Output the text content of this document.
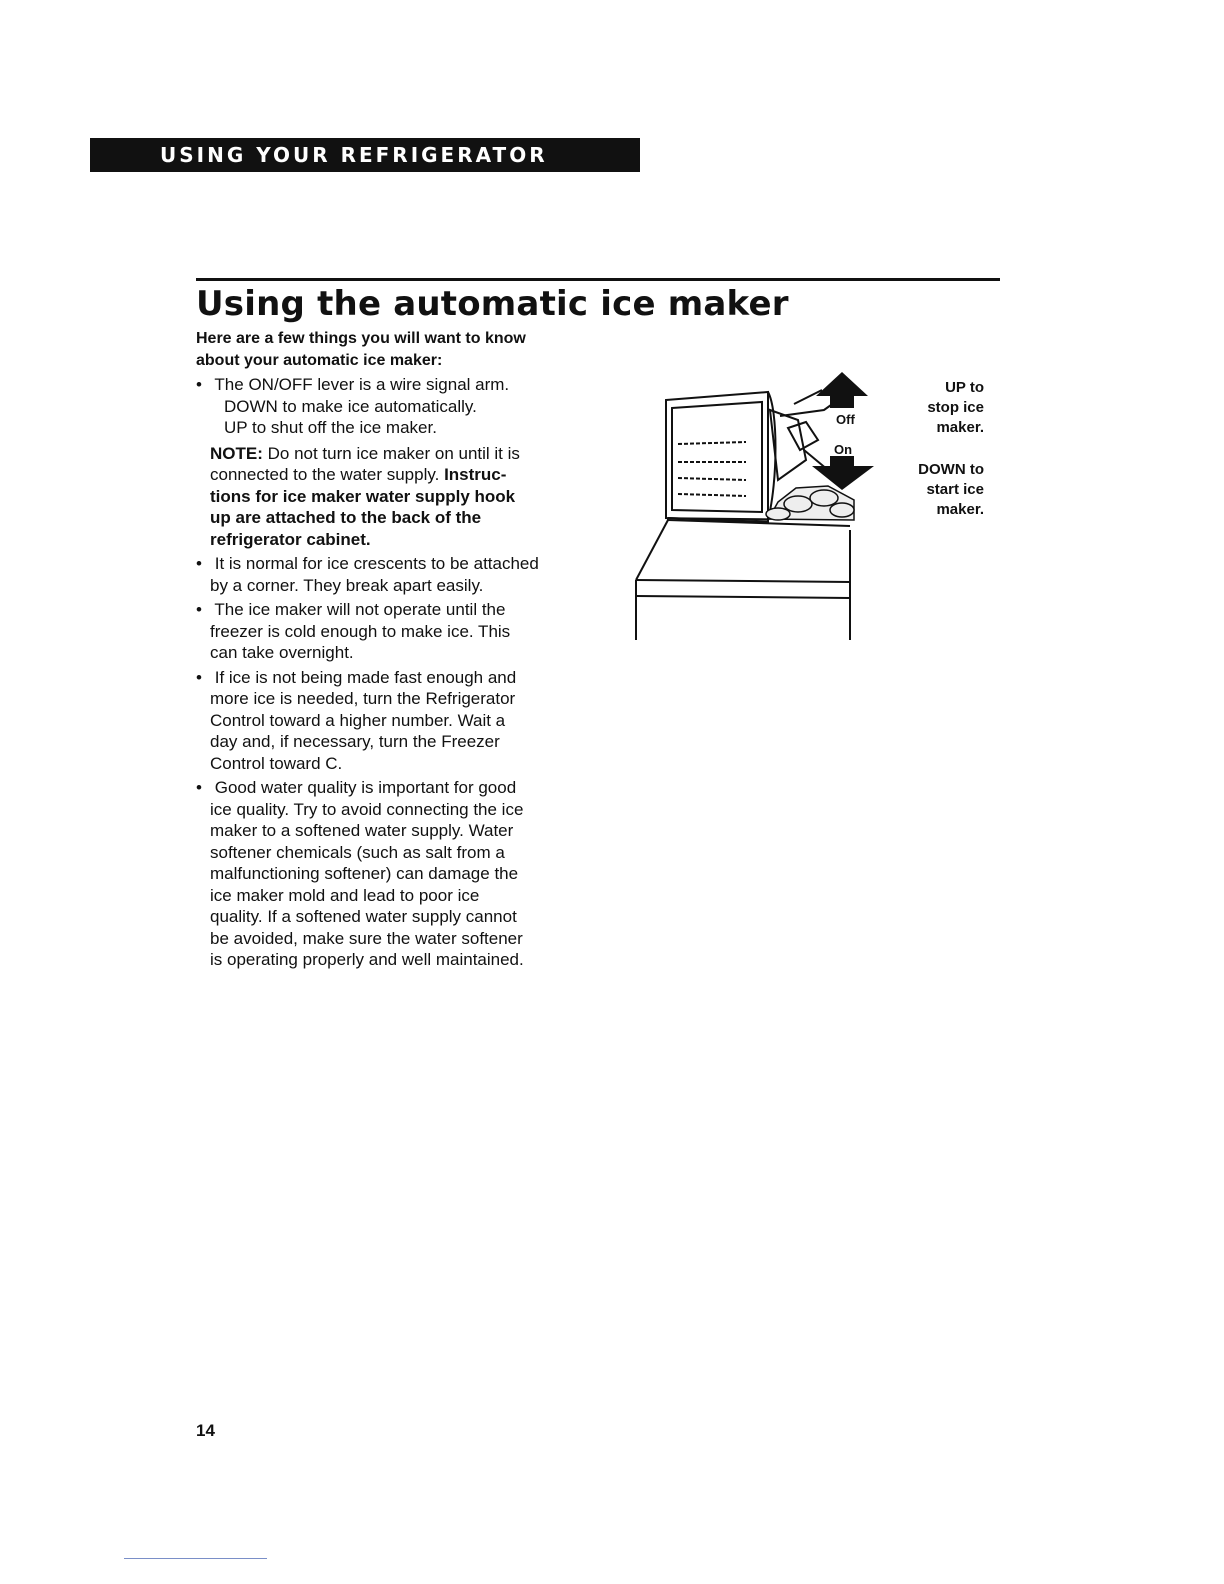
USING YOUR REFRIGERATOR
Using the automatic ice maker

Here are a few things you will want to know
about your automatic ice maker:

• The ON/OFF lever is a wire signal arm.

DOWN to make ice automatically.

UP to shut off the ice maker.

NOTE: Do not turn ice maker on until it is
connected to the water supply. Instruc-
tions for ice maker water supply hook
up are attached to the back of the
refrigerator cabinet.

• It is normal for ice crescents to be attached
by a corner. They break apart easily.

• The ice maker will not operate until the
freezer is cold enough to make ice. This
can take overnight.

• If ice is not being made fast enough and
more ice is needed, turn the Refrigerator
Control toward a higher number. Wait a
day and, if necessary, turn the Freezer
Control toward C.

• Good water quality is important for good
ice quality. Try to avoid connecting the ice
maker to a softened water supply. Water
softener chemicals (such as salt from a
malfunctioning softener) can damage the
ice maker mold and lead to poor ice
quality. If a softened water supply cannot
be avoided, make sure the water softener
is operating properly and well maintained.

Off
On
UP to
stop ice
maker.
DOWN to
start ice
maker.

14
